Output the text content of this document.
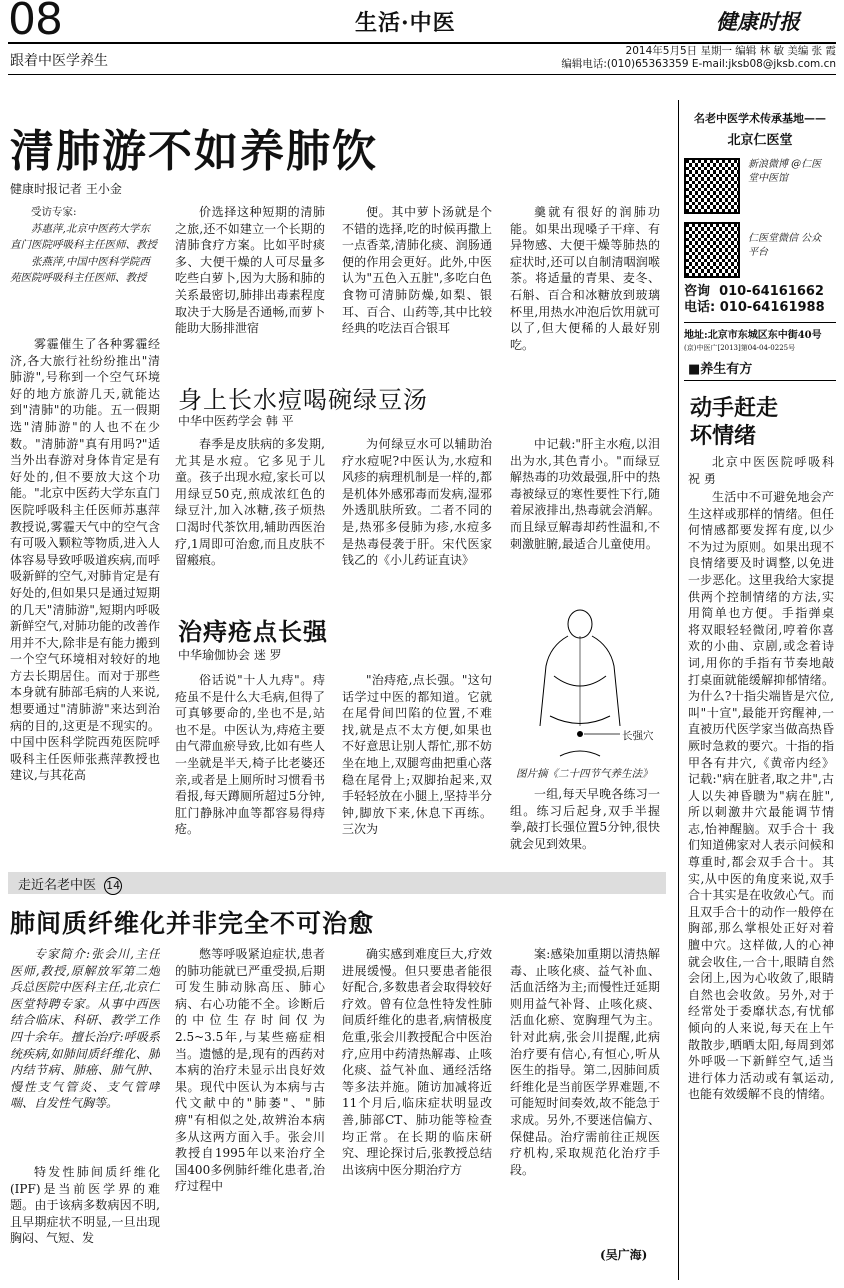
08	生活·中医	健康时报
跟着中医学养生
2014年5月5日 星期一 编辑 林 敏 美编 张 霞
编辑电话:(010)65363359 E-mail:jksb08@jksb.com.cn
清肺游不如养肺饮
健康时报记者 王小金
受访专家:
苏惠萍,北京中医药大学东直门医院呼吸科主任医师、教授
张燕萍,中国中医科学院西苑医院呼吸科主任医师、教授

雾霾催生了各种雾霾经济,各大旅行社纷纷推出"清肺游",号称到一个空气环境好的地方旅游几天,就能达到"清肺"的功能。五一假期选"清肺游"的人也不在少数。"清肺游"真有用吗?"适当外出春游对身体肯定是有好处的,但不要放大这个功能。"北京中医药大学东直门医院呼吸科主任医师苏惠萍教授说,雾霾天气中的空气含有可吸入颗粒等物质,进入人体容易导致呼吸道疾病,而呼吸新鲜的空气,对肺肯定是有好处的,但如果只是通过短期的几天"清肺游",短期内呼吸新鲜空气,对肺功能的改善作用并不大,除非是有能力搬到一个空气环境相对较好的地方去长期居住。而对于那些本身就有肺部毛病的人来说,想要通过"清肺游"来达到治病的目的,这更是不现实的。中国中医科学院西苑医院呼吸科主任医师张燕萍教授也建议,与其花高

价选择这种短期的清肺之旅,还不如建立一个长期的清肺食疗方案。比如平时痰多、大便干燥的人可尽量多吃些白萝卜,因为大肠和肺的关系最密切,肺排出毒素程度取决于大肠是否通畅,而萝卜能助大肠排泄宿

便。其中萝卜汤就是个不错的选择,吃的时候再撒上一点香菜,清肺化痰、润肠通便的作用会更好。此外,中医认为"五色入五脏",多吃白色食物可清肺防燥,如梨、银耳、百合、山药等,其中比较经典的吃法百合银耳

羹就有很好的润肺功能。如果出现嗓子干痒、有异物感、大便干燥等肺热的症状时,还可以自制清咽润喉茶。将适量的青果、麦冬、石斛、百合和冰糖放到玻璃杯里,用热水冲泡后饮用就可以了,但大便稀的人最好别吃。

身上长水痘喝碗绿豆汤
中华中医药学会 韩 平

春季是皮肤病的多发期,尤其是水痘。它多见于儿童。孩子出现水痘,家长可以用绿豆50克,煎成浓红色的绿豆汁,加入冰糖,孩子烦热口渴时代茶饮用,辅助西医治疗,1周即可治愈,而且皮肤不留瘢痕。

为何绿豆水可以辅助治疗水痘呢?中医认为,水痘和风疹的病理机制是一样的,都是机体外感邪毒而发病,湿邪外透肌肤所致。二者不同的是,热邪多侵肺为疹,水痘多是热毒侵袭于肝。宋代医家钱乙的《小儿药证直诀》

中记载:"肝主水疱,以泪出为水,其色青小。"而绿豆解热毒的功效最强,肝中的热毒被绿豆的寒性要性下行,随着尿液排出,热毒就会消解。而且绿豆解毒却药性温和,不刺激脏腑,最适合儿童使用。

治痔疮点长强
中华瑜伽协会 迷 罗

俗话说"十人九痔"。痔疮虽不是什么大毛病,但得了可真够要命的,坐也不是,站也不是。中医认为,痔疮主要由气滞血瘀导致,比如有些人一坐就是半天,椅子比老婆还亲,或者是上厕所时习惯看书看报,每天蹲厕所超过5分钟,肛门静脉冲血等都容易得痔疮。

"治痔疮,点长强。"这句话学过中医的都知道。它就在尾骨间凹陷的位置,不难找,就是点不太方便,如果也不好意思让别人帮忙,那不妨坐在地上,双腿弯曲把重心落稳在尾骨上;双脚抬起来,双手轻轻放在小腿上,坚持半分钟,脚放下来,休息下再练。三次为

一组,每天早晚各练习一组。练习后起身,双手半握拳,敲打长强位置5分钟,很快就会见到效果。

长强穴
图片摘《二十四节气养生法》
名老中医学术传承基地——
北京仁医堂
新浪微博 @仁医堂中医馆
仁医堂微信 公众平台
咨询 010-64161662
电话: 010-64161988
地址:北京市东城区东中街40号
(京)中医广[2013]第04-04-0225号
■养生有方
动手赶走
坏情绪
北京中医医院呼吸科 祝 勇

生活中不可避免地会产生这样或那样的情绪。但任何情感都要发挥有度,以少不为过为原则。如果出现不良情绪要及时调整,以免进一步恶化。这里我给大家提供两个控制情绪的方法,实用简单也方便。手指弹桌 将双眼轻轻微闭,哼着你喜欢的小曲、京剧,或念着诗词,用你的手指有节奏地敲打桌面就能缓解抑郁情绪。为什么?十指尖端皆是穴位,叫"十宣",最能开窍醒神,一直被历代医学家当做高热昏厥时急救的要穴。十指的指甲各有井穴,《黄帝内经》记载:"病在脏者,取之井",古人以失神昏聩为"病在脏",所以刺激井穴最能调节情志,怡神醒脑。双手合十 我们知道佛家对人表示问候和尊重时,都会双手合十。其实,从中医的角度来说,双手合十其实是在收敛心气。而且双手合十的动作一般停在胸部,那么掌根处正好对着膻中穴。这样做,人的心神就会收住,一合十,眼睛自然会闭上,因为心收敛了,眼睛自然也会收敛。另外,对于经常处于委靡状态,有忧郁倾向的人来说,每天在上午散散步,晒晒太阳,每周到郊外呼吸一下新鲜空气,适当进行体力活动或有氧运动,也能有效缓解不良的情绪。

走近名老中医 14
肺间质纤维化并非完全不可治愈

专家简介:张会川,主任医师,教授,原解放军第二炮兵总医院中医科主任,北京仁医堂特聘专家。从事中西医结合临床、科研、教学工作四十余年。擅长治疗:呼吸系统疾病,如肺间质纤维化、肺内结节病、肺癌、肺气肿、慢性支气管炎、支气管哮喘、自发性气胸等。

特发性肺间质纤维化(IPF)是当前医学界的难题。由于该病多数病因不明,且早期症状不明显,一旦出现胸闷、气短、发

憋等呼吸紧迫症状,患者的肺功能就已严重受损,后期可发生肺动脉高压、肺心病、右心功能不全。诊断后的中位生存时间仅为2.5~3.5年,与某些癌症相当。遗憾的是,现有的西药对本病的治疗未显示出良好效果。现代中医认为本病与古代文献中的"肺萎"、"肺痹"有相似之处,故辨治本病多从这两方面入手。张会川教授自1995年以来治疗全国400多例肺纤维化患者,治疗过程中

确实感到难度巨大,疗效进展缓慢。但只要患者能很好配合,多数患者会取得较好疗效。曾有位急性特发性肺间质纤维化的患者,病情极度危重,张会川教授配合中医治疗,应用中药清热解毒、止咳化痰、益气补血、通经活络等多法并施。随访加减将近11个月后,临床症状明显改善,肺部CT、肺功能等检查均正常。在长期的临床研究、理论探讨后,张教授总结出该病中医分期治疗方

案:感染加重期以清热解毒、止咳化痰、益气补血、活血活络为主;而慢性迁延期则用益气补肾、止咳化痰、活血化瘀、宽胸理气为主。针对此病,张会川提醒,此病治疗要有信心,有恒心,听从医生的指导。第二,因肺间质纤维化是当前医学界难题,不可能短时间奏效,故不能急于求成。另外,不要迷信偏方、保健品。治疗需前往正规医疗机构,采取规范化治疗手段。

(吴广海)
